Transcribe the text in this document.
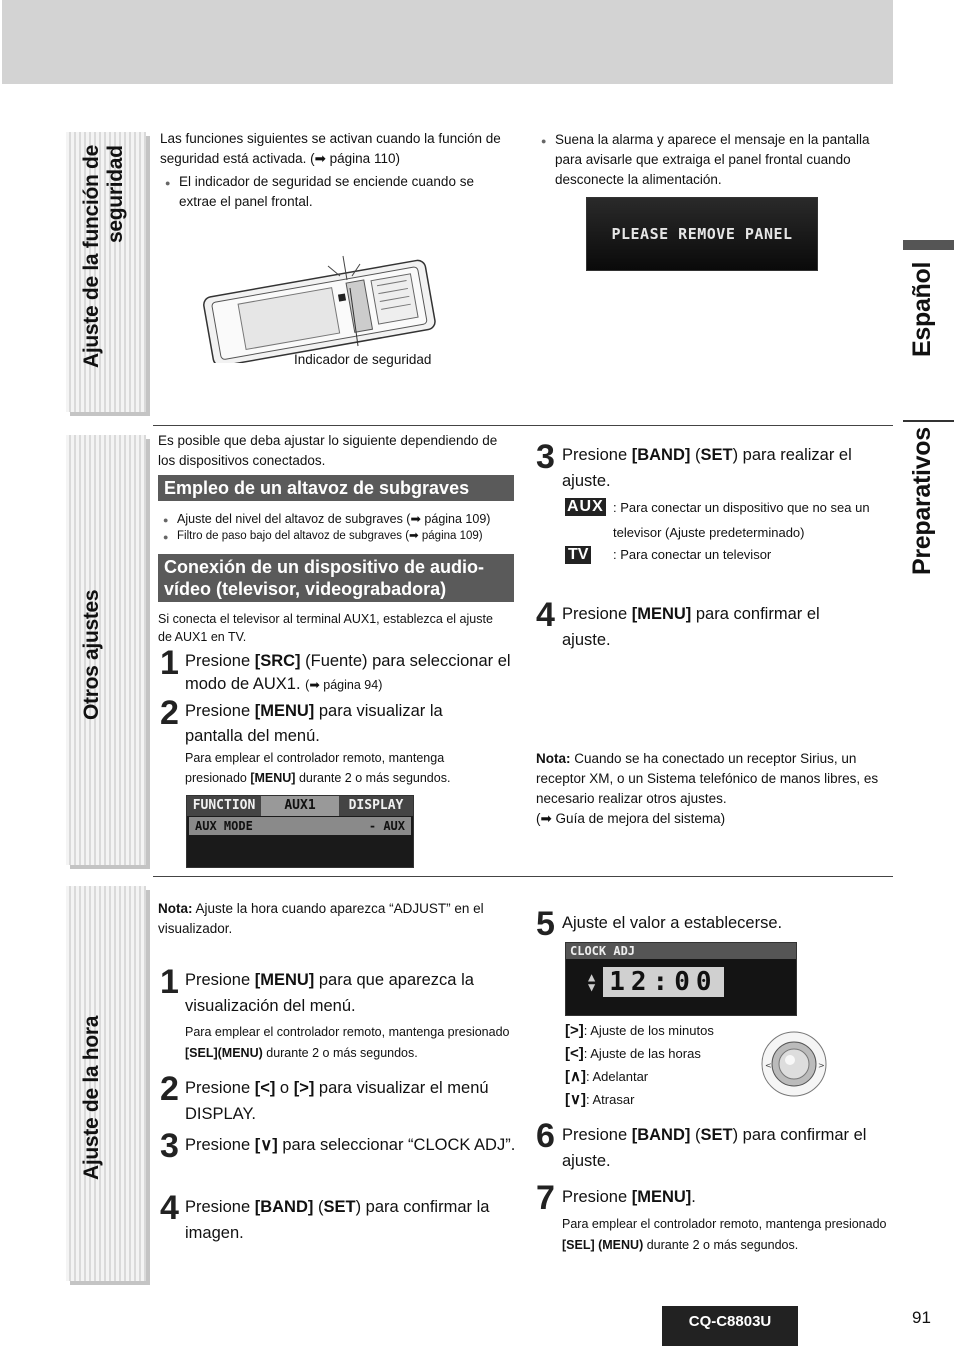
Español
Preparativos
Ajuste de la función de
seguridad
Las funciones siguientes se activan cuando la función de seguridad está activada. (➡ página 110)
● El indicador de seguridad se enciende cuando se extrae el panel frontal.
Indicador de seguridad
● Suena la alarma y aparece el mensaje en la pantalla para avisarle que extraiga el panel frontal cuando desconecte la alimentación.
PLEASE REMOVE PANEL
Otros ajustes
Es posible que deba ajustar lo siguiente dependiendo de los dispositivos conectados.
Empleo de un altavoz de subgraves
● Ajuste del nivel del altavoz de subgraves (➡ página 109)
● Filtro de paso bajo del altavoz de subgraves (➡ página 109)
Conexión de un dispositivo de audio-vídeo (televisor, videograbadora)
Si conecta el televisor al terminal AUX1, establezca el ajuste de AUX1 en TV.
1 Presione [SRC] (Fuente) para seleccionar el modo de AUX1. (➡ página 94)
2 Presione [MENU] para visualizar la pantalla del menú.
Para emplear el controlador remoto, mantenga presionado [MENU] durante 2 o más segundos.
FUNCTION	AUX1	DISPLAY
AUX MODE	- AUX
3 Presione [BAND] (SET) para realizar el ajuste.
AUX : Para conectar un dispositivo que no sea un televisor (Ajuste predeterminado)
TV : Para conectar un televisor
4 Presione [MENU] para confirmar el ajuste.
Nota: Cuando se ha conectado un receptor Sirius, un receptor XM, o un Sistema telefónico de manos libres, es necesario realizar otros ajustes.
(➡ Guía de mejora del sistema)
Ajuste de la hora
Nota: Ajuste la hora cuando aparezca “ADJUST” en el visualizador.
1 Presione [MENU] para que aparezca la visualización del menú.
Para emplear el controlador remoto, mantenga presionado [SEL](MENU) durante 2 o más segundos.
2 Presione [<] o [>] para visualizar el menú DISPLAY.
3 Presione [∨] para seleccionar “CLOCK ADJ”.
4 Presione [BAND] (SET) para confirmar la imagen.
5 Ajuste el valor a establecerse.
CLOCK ADJ
▲
▼ 12:00
[>]: Ajuste de los minutos
[<]: Ajuste de las horas
[∧]: Adelantar
[∨]: Atrasar
<	>
6 Presione [BAND] (SET) para confirmar el ajuste.
7 Presione [MENU].
Para emplear el controlador remoto, mantenga presionado [SEL] (MENU) durante 2 o más segundos.
CQ-C8803U	91
